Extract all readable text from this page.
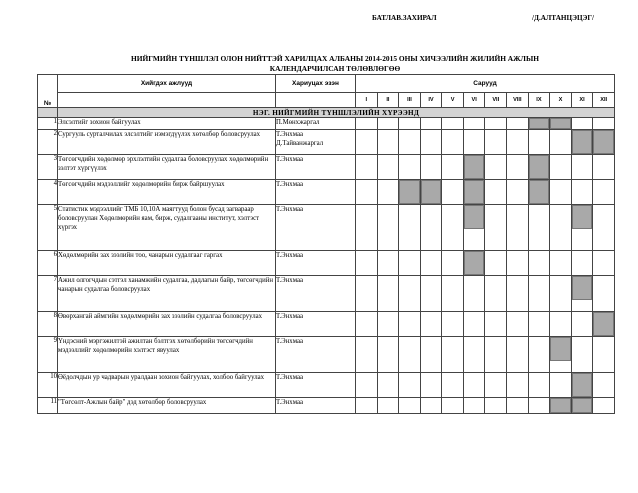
БАТЛАВ.ЗАХИРАЛ	/Д.АЛТАНЦЭЦЭГ/
НИЙГМИЙН ТҮНШЛЭЛ ОЛОН НИЙТТЭЙ ХАРИЛЦАХ АЛБАНЫ 2014-2015 ОНЫ ХИЧЭЭЛИЙН ЖИЛИЙН АЖЛЫН
КАЛЕНДАРЧИЛСАН ТӨЛӨВЛӨГӨӨ
№	Хийгдэх ажлууд	Хариуцах эзэн	Сарууд											
			I	II	III	IV	V	VI	VII	VIII	IX	X	XI	XII
	НЭГ. НИЙГМИЙН ТҮНШЛЭЛИЙН ХҮРЭЭНД													
1	Элсэлтийг зохион байгуулах	П.Мөнхжаргал									

2	Сургууль сурталчилах элсэлтийг нэмэгдүүлэх хөтөлбөр боловсруулах	Т.Энхмаа
Д.Тайванжаргал											

3	Төгсөгчдийн хөдөлмөр эрхлэлтийн судалгаа боловсруулах хөдөлмөрийн зэлтэт хүргүүлэх	Т.Энхмаа						

4	Төгсөгчдийн мэдээллийг хөдөлмөрийн бирж байршуулах	Т.Энхмаа			

5	Статистик мэдээллийг ТМБ 10,10А маягтууд болон бусад загвараар боловсруулан Хөдөлмөрийн яам, бирж, судалгааны институт, хэлтэст хүргэх	Т.Энхмаа						

6	Хөдөлмөрийн зах зээлийн тоо, чанарын судалгааг гаргах	Т.Энхмаа						

7	Ажил олгогчдын сэтгэл ханамжийн судалгаа, дадлагын байр, төгсөгчдийн чанарын судалгаа боловсруулах	Т.Энхмаа											

8	Өвөрхангай аймгийн хөдөлмөрийн зах зээлийн судалгаа боловсруулах	Т.Энхмаа												

9	Үндэсний мэргэжилтэй ажилтан бэлтгэх хөтөлбөрийн төгсөгчдийн мэдээллийг хөдөлмөрийн хэлтэст явуулах	Т.Энхмаа										

10	Өёдолчдын ур чадварын уралдаан зохион байгуулах, холбоо байгуулах	Т.Энхмаа											

11	"Төгсөлт-Ажлын байр" дэд хөтөлбөр боловсруулах	Т.Энхмаа										
